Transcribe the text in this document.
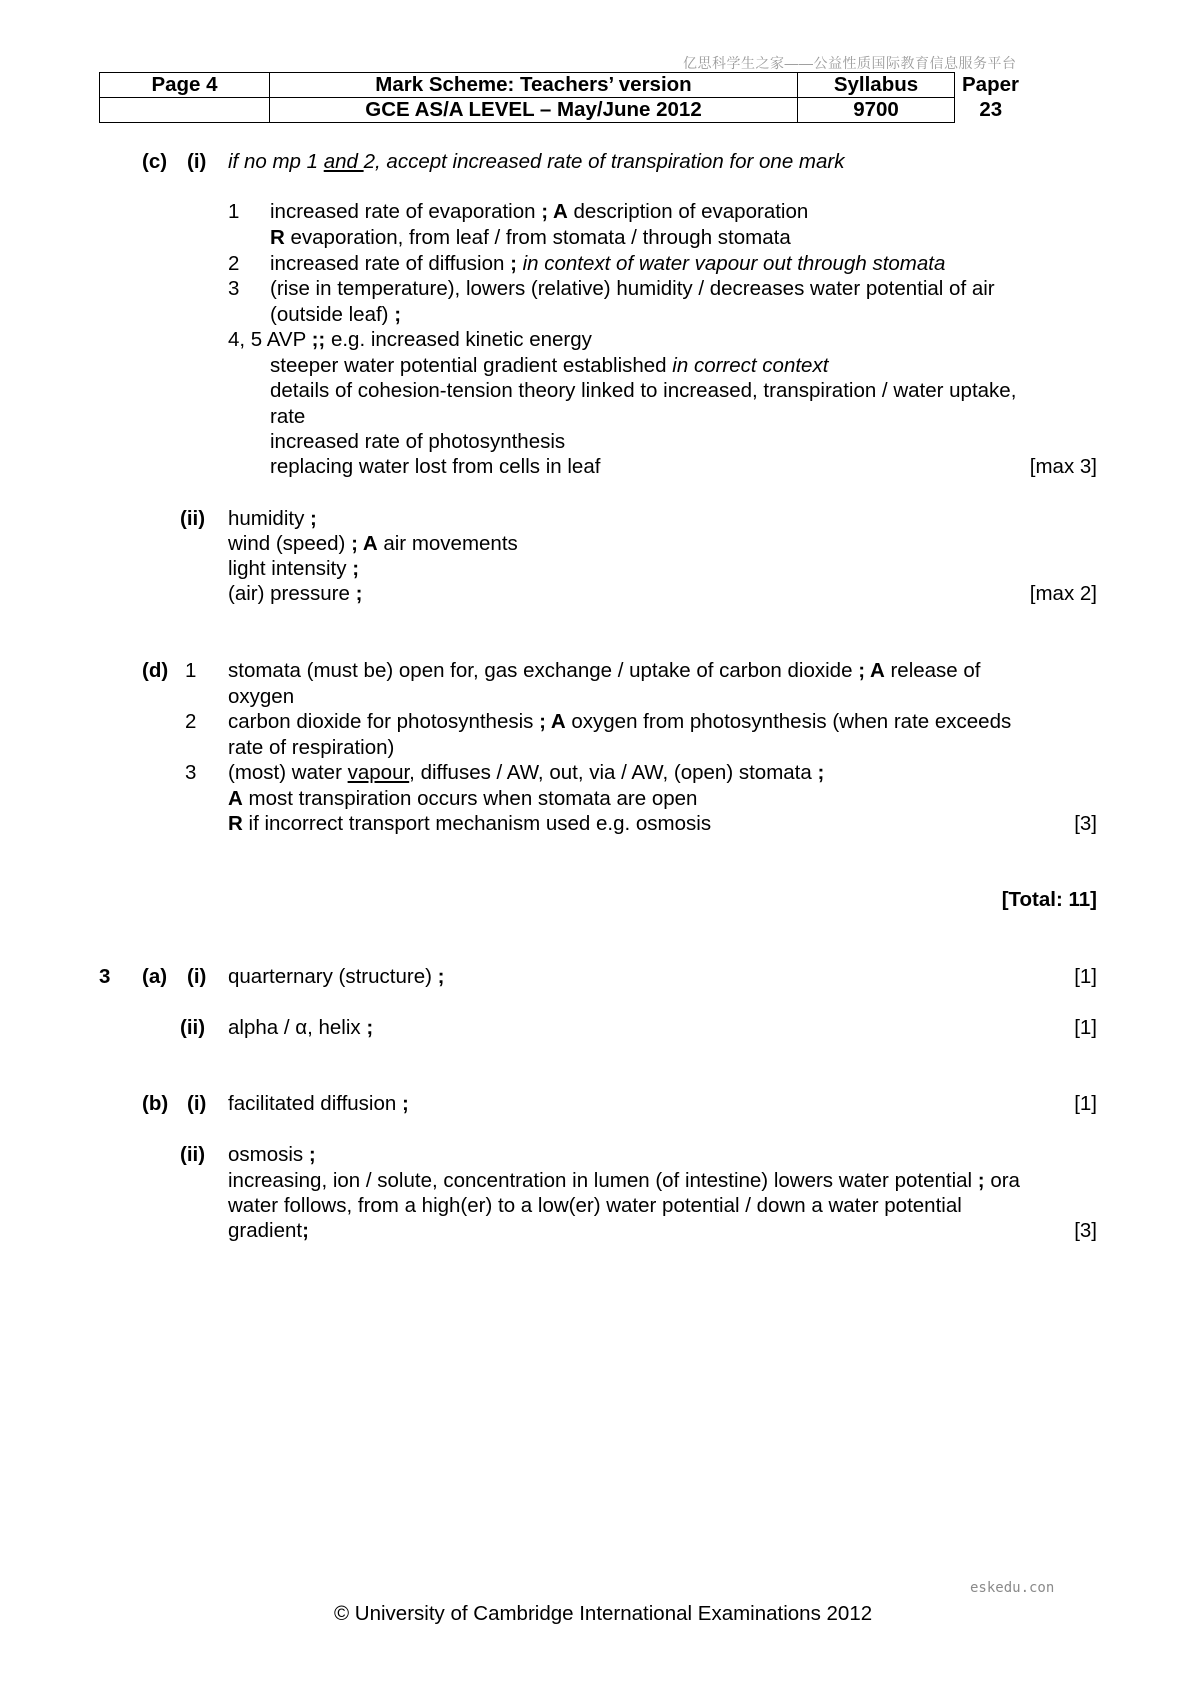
亿思科学生之家——公益性质国际教育信息服务平台
Page 4	Mark Scheme: Teachers’ version	Syllabus	Paper
	GCE AS/A LEVEL – May/June 2012	9700	23
(c) (i) if no mp 1 and 2, accept increased rate of transpiration for one mark
1 increased rate of evaporation ; A description of evaporation
R evaporation, from leaf / from stomata / through stomata
2 increased rate of diffusion ; in context of water vapour out through stomata
3 (rise in temperature), lowers (relative) humidity / decreases water potential of air
(outside leaf) ;
4, 5 AVP ;; e.g. increased kinetic energy
steeper water potential gradient established in correct context
details of cohesion-tension theory linked to increased, transpiration / water uptake,
rate
increased rate of photosynthesis
replacing water lost from cells in leaf	[max 3]
(ii) humidity ;
wind (speed) ; A air movements
light intensity ;
(air) pressure ;	[max 2]
(d) 1 stomata (must be) open for, gas exchange / uptake of carbon dioxide ; A release of
oxygen
2 carbon dioxide for photosynthesis ; A oxygen from photosynthesis (when rate exceeds
rate of respiration)
3 (most) water vapour, diffuses / AW, out, via / AW, (open) stomata ;
A most transpiration occurs when stomata are open
R if incorrect transport mechanism used e.g. osmosis	[3]
[Total: 11]
3 (a) (i) quarternary (structure) ;	[1]
(ii) alpha / α, helix ;	[1]
(b) (i) facilitated diffusion ;	[1]
(ii) osmosis ;
increasing, ion / solute, concentration in lumen (of intestine) lowers water potential ; ora
water follows, from a high(er) to a low(er) water potential / down a water potential
gradient;	[3]
eskedu.con
© University of Cambridge International Examinations 2012
